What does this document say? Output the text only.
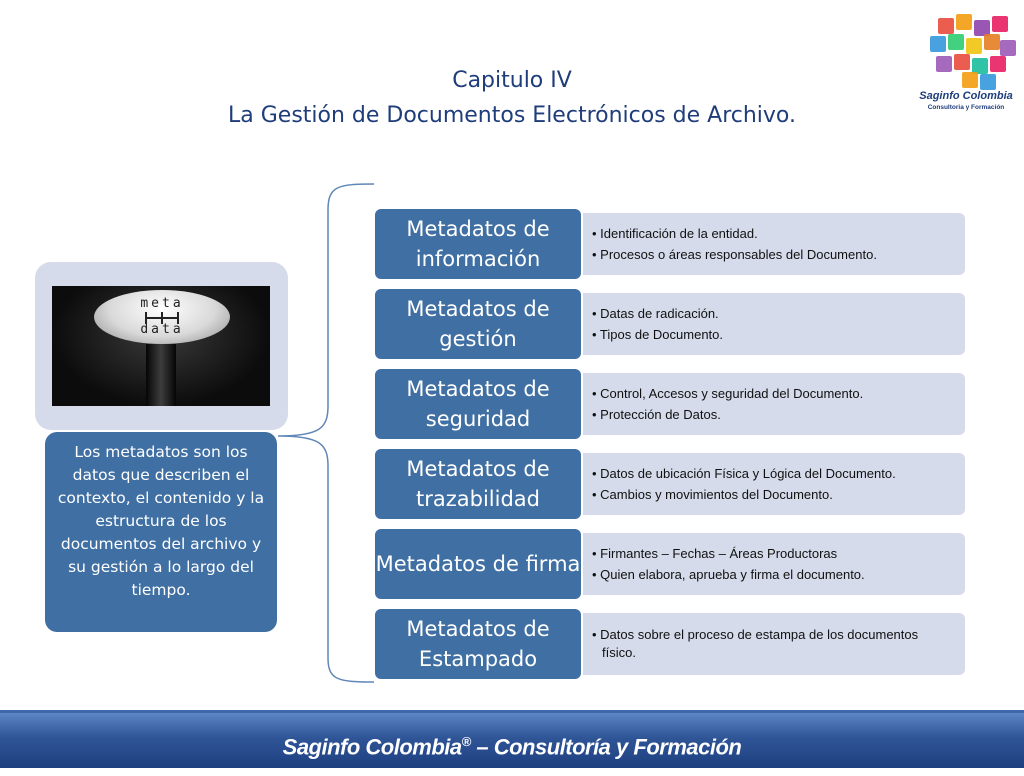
Capitulo IV
La Gestión de Documentos Electrónicos de Archivo.
Saginfo Colombia
Consultoria y Formación
meta
data
Los metadatos son los datos que describen el contexto, el contenido y la estructura de los documentos del archivo y su gestión a lo largo del tiempo.
• Identificación de la entidad.
• Procesos o áreas responsables del Documento.
Metadatos de información
• Datas de radicación.
• Tipos de Documento.
Metadatos de gestión
• Control, Accesos y seguridad del Documento.
• Protección de Datos.
Metadatos de seguridad
• Datos de ubicación Física y Lógica del Documento.
• Cambios y movimientos del Documento.
Metadatos de trazabilidad
• Firmantes – Fechas – Áreas Productoras
• Quien elabora, aprueba y firma el documento.
Metadatos de firma
• Datos sobre el proceso de estampa de los documentos físico.
Metadatos de Estampado
Saginfo Colombia® – Consultoría y Formación
